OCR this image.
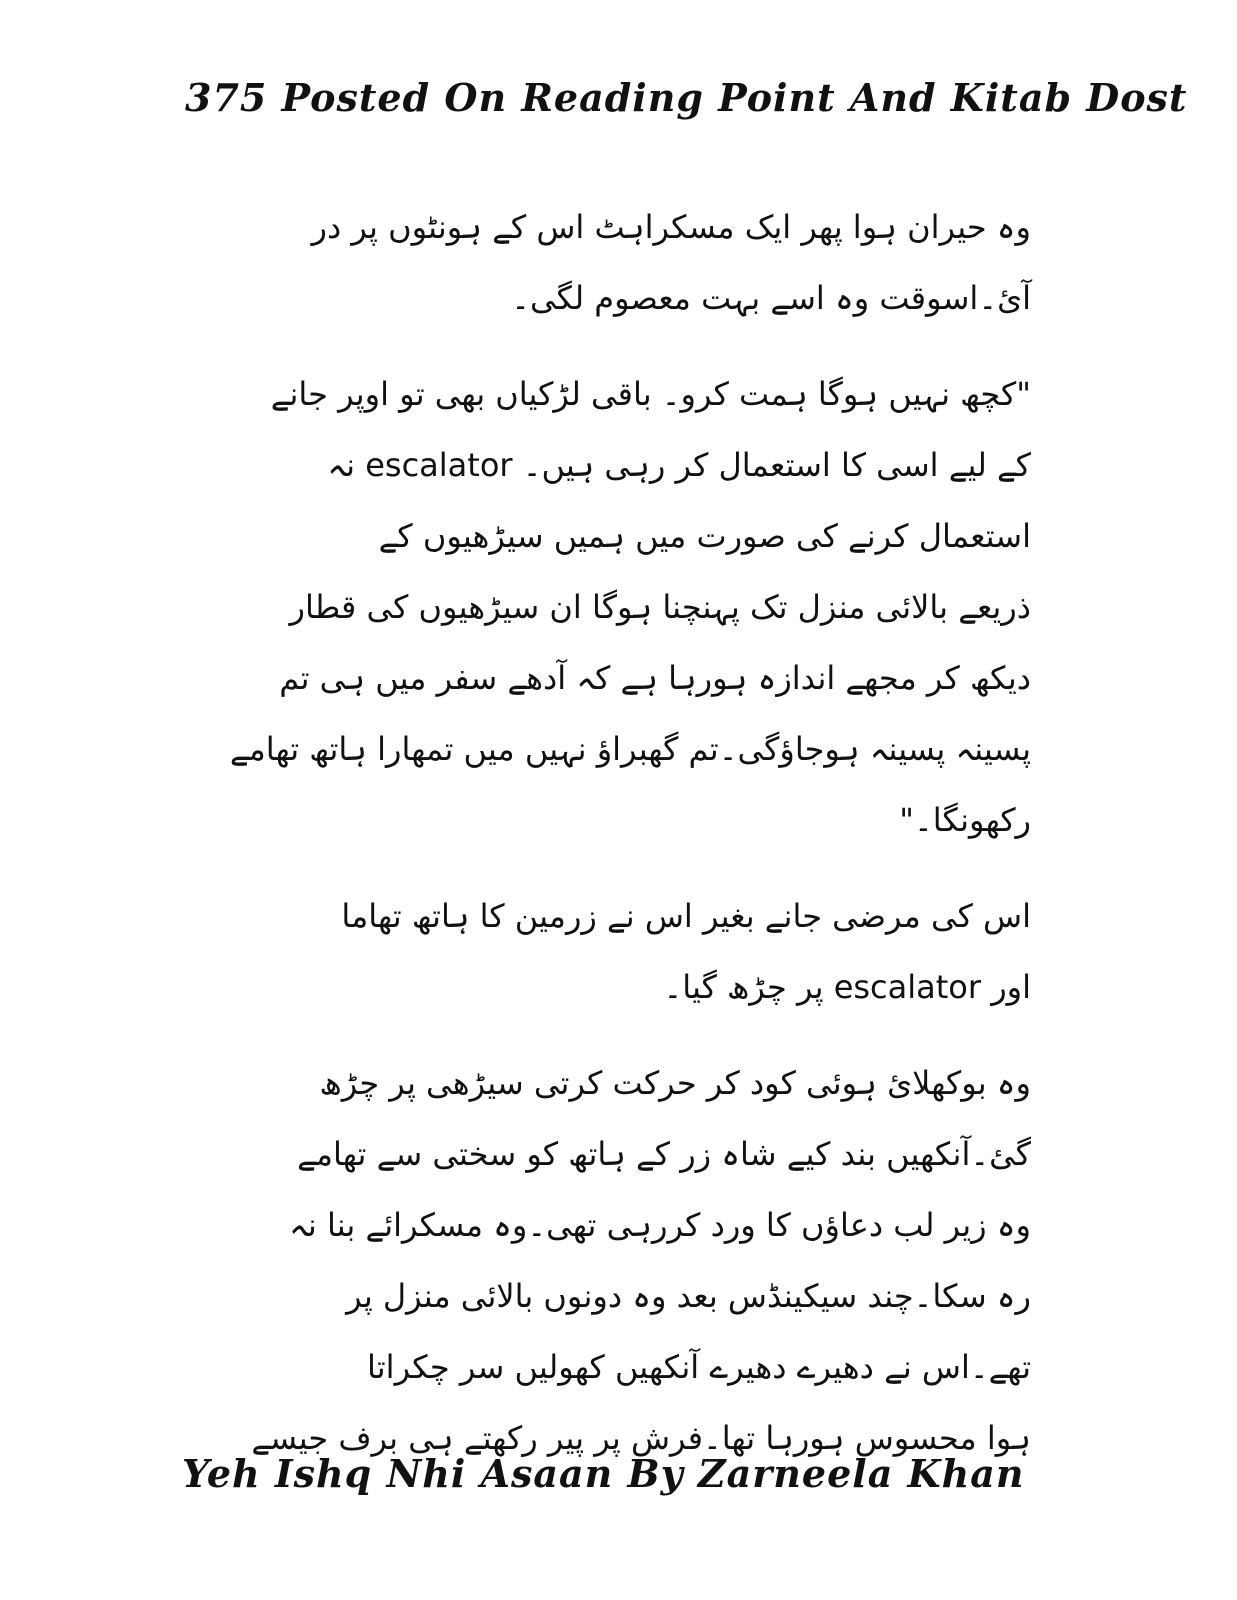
375 Posted On Reading Point And Kitab Dost
وہ حیران ہوا پھر ایک مسکراہٹ اس کے ہونٹوں پر در
آئ۔اسوقت وہ اسے بہت معصوم لگی۔
"کچھ نہیں ہوگا ہمت کرو۔ باقی لڑکیاں بھی تو اوپر جانے
کے لیے اسی کا استعمال کر رہی ہیں۔ escalator نہ
استعمال کرنے کی صورت میں ہمیں سیڑھیوں کے
ذریعے بالائی منزل تک پہنچنا ہوگا ان سیڑھیوں کی قطار
دیکھ کر مجھے اندازہ ہورہا ہے کہ آدھے سفر میں ہی تم
پسینہ پسینہ ہوجاؤگی۔تم گھبراؤ نہیں میں تمھارا ہاتھ تھامے
رکھونگا۔"
اس کی مرضی جانے بغیر اس نے زرمین کا ہاتھ تھاما
اور escalator پر چڑھ گیا۔
وہ بوکھلائ ہوئی کود کر حرکت کرتی سیڑھی پر چڑھ
گئ۔آنکھیں بند کیے شاہ زر کے ہاتھ کو سختی سے تھامے
وہ زیر لب دعاؤں کا ورد کررہی تھی۔وہ مسکرائے بنا نہ
رہ سکا۔چند سیکینڈس بعد وہ دونوں بالائی منزل پر
تھے۔اس نے دھیرے دھیرے آنکھیں کھولیں سر چکراتا
ہوا محسوس ہورہا تھا۔فرش پر پیر رکھتے ہی برف جیسے
Yeh Ishq Nhi Asaan By Zarneela Khan
